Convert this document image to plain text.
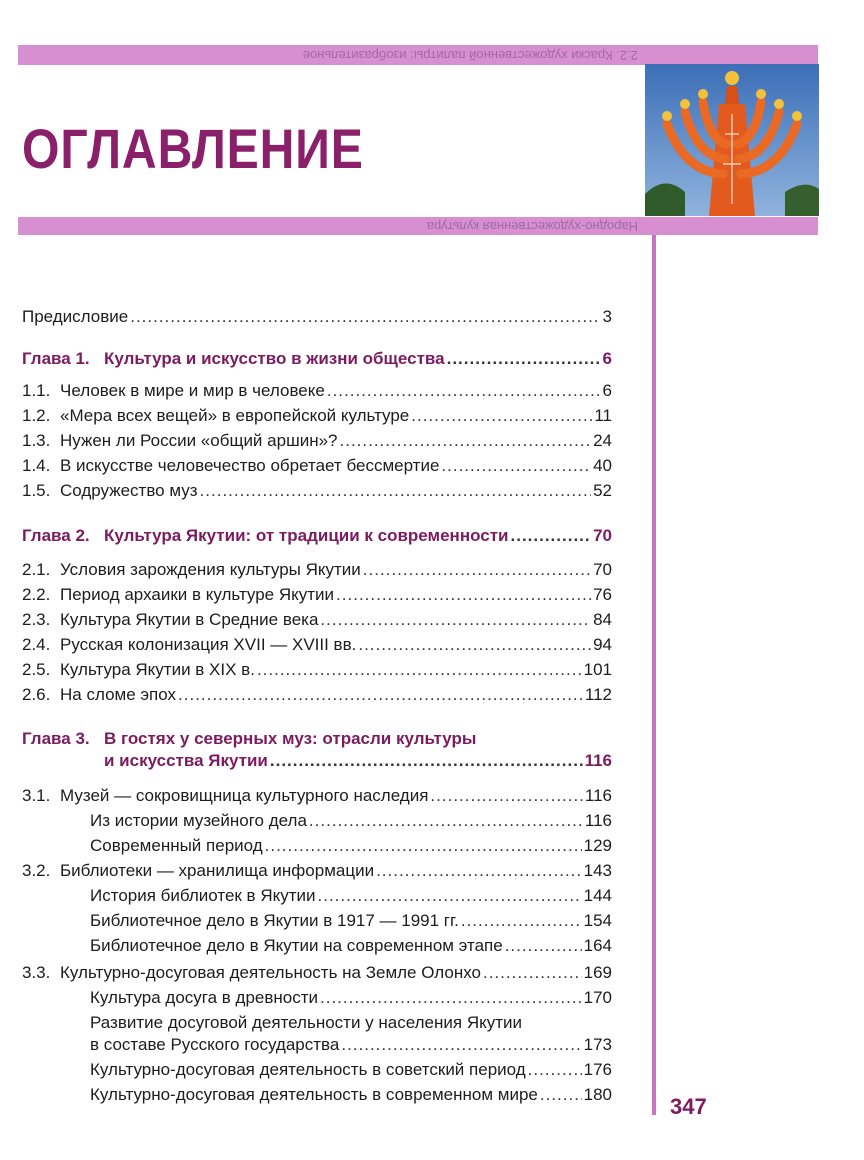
2.2. Краски художественной палитры: изобразительное
ОГЛАВЛЕНИЕ
Народно-художественная культура
Предисловие .....	3
Глава 1. Культура и искусство в жизни общества .....	6
1.1. Человек в мире и мир в человеке .....	6
1.2. «Мера всех вещей» в европейской культуре .....	11
1.3. Нужен ли России «общий аршин»? .....	24
1.4. В искусстве человечество обретает бессмертие .....	40
1.5. Содружество муз .....	52
Глава 2. Культура Якутии: от традиции к современности .....	70
2.1. Условия зарождения культуры Якутии .....	70
2.2. Период архаики в культуре Якутии .....	76
2.3. Культура Якутии в Средние века .....	84
2.4. Русская колонизация XVII — XVIII вв. .....	94
2.5. Культура Якутии в XIX в. .....	101
2.6. На сломе эпох .....	112
Глава 3. В гостях у северных муз: отрасли культуры
и искусства Якутии .....	116
3.1. Музей — сокровищница культурного наследия .....	116
Из истории музейного дела .....	116
Современный период .....	129
3.2. Библиотеки — хранилища информации .....	143
История библиотек в Якутии .....	144
Библиотечное дело в Якутии в 1917 — 1991 гг. .....	154
Библиотечное дело в Якутии на современном этапе .....	164
3.3. Культурно-досуговая деятельность на Земле Олонхо .....	169
Культура досуга в древности .....	170
Развитие досуговой деятельности у населения Якутии
в составе Русского государства .....	173
Культурно-досуговая деятельность в советский период .....	176
Культурно-досуговая деятельность в современном мире .....	180	347
